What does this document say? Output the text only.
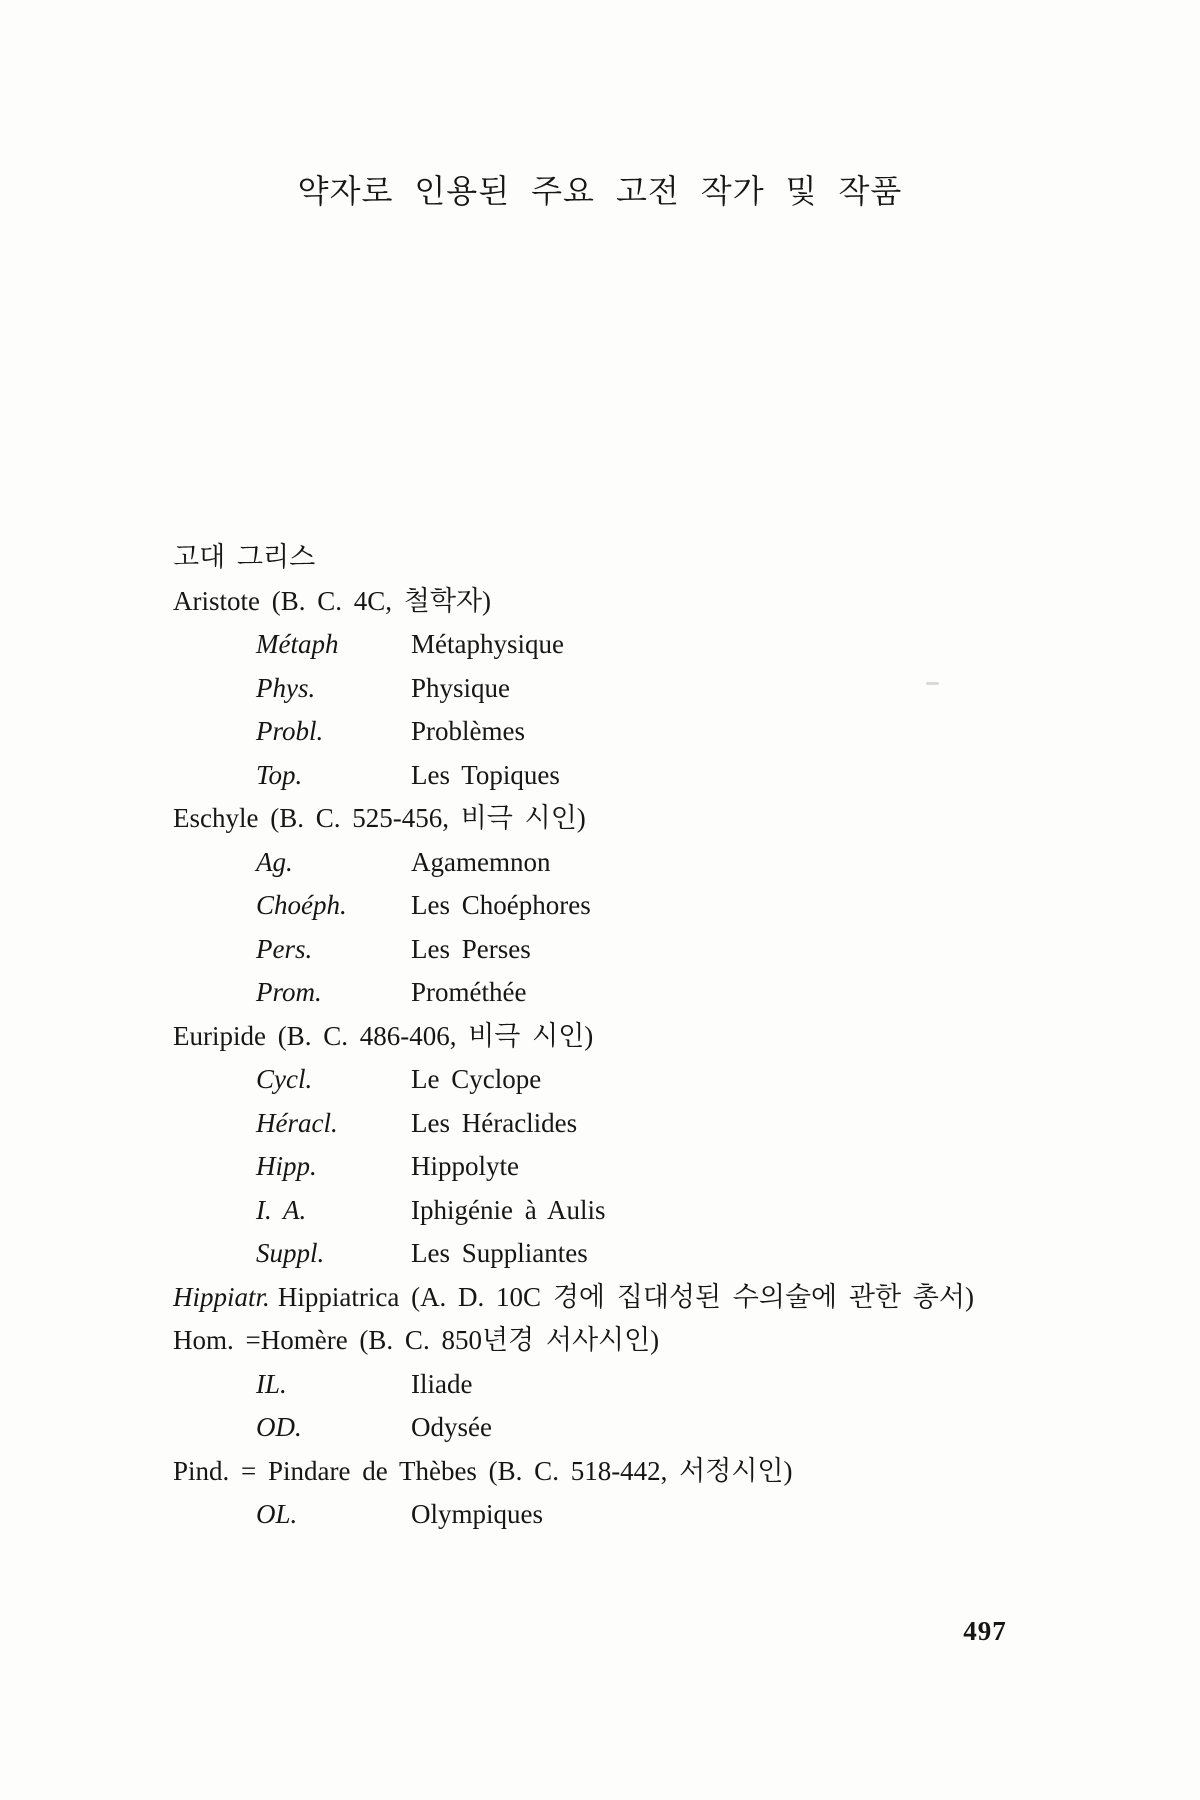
약자로 인용된 주요 고전 작가 및 작품
고대 그리스
Aristote (B. C. 4C, 철학자)
Métaph	Métaphysique
Phys.	Physique
Probl.	Problèmes
Top.	Les Topiques
Eschyle (B. C. 525-456, 비극 시인)
Ag.	Agamemnon
Choéph.	Les Choéphores
Pers.	Les Perses
Prom.	Prométhée
Euripide (B. C. 486-406, 비극 시인)
Cycl.	Le Cyclope
Héracl.	Les Héraclides
Hipp.	Hippolyte
I. A.	Iphigénie à Aulis
Suppl.	Les Suppliantes
Hippiatr. Hippiatrica (A. D. 10C 경에 집대성된 수의술에 관한 총서)
Hom. =Homère (B. C. 850년경 서사시인)
IL.	Iliade
OD.	Odysée
Pind. = Pindare de Thèbes (B. C. 518-442, 서정시인)
OL.	Olympiques
497
